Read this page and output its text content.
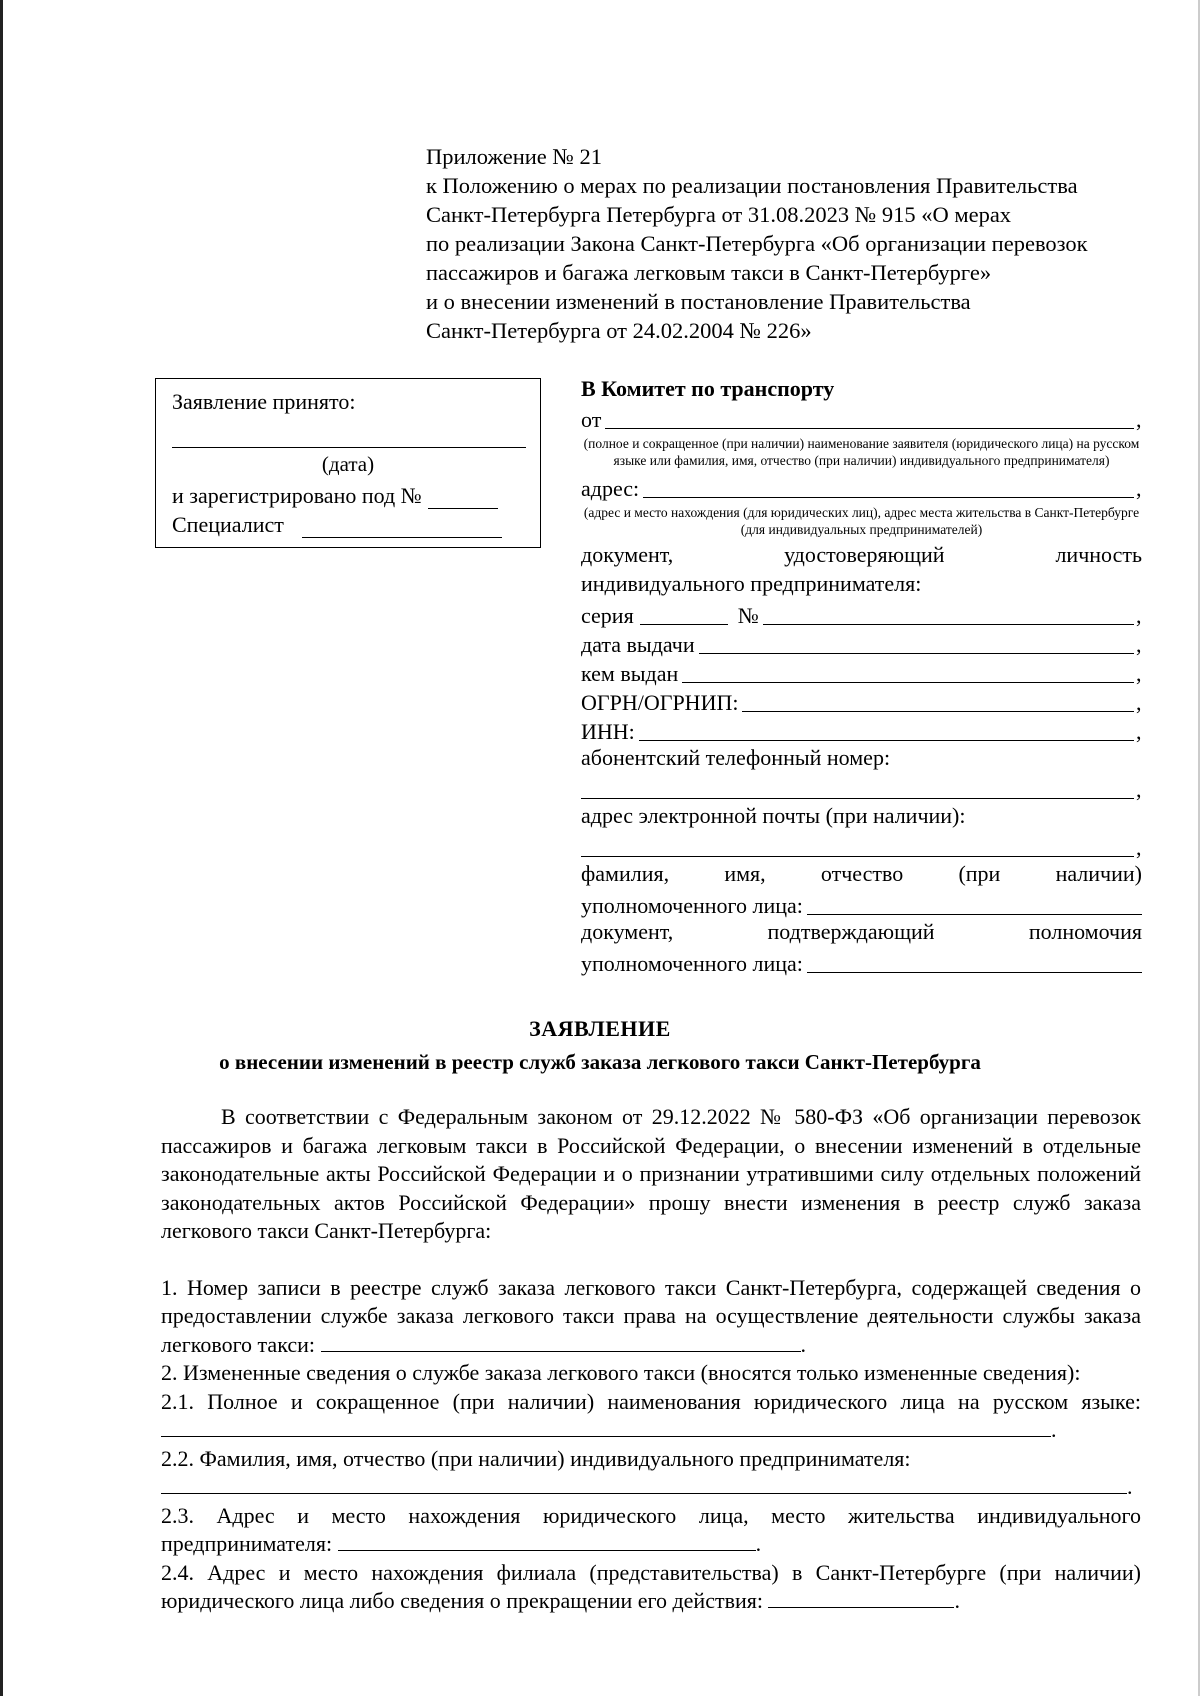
Приложение № 21
к Положению о мерах по реализации постановления Правительства
Санкт-Петербурга Петербурга от 31.08.2023 № 915 «О мерах
по реализации Закона Санкт-Петербурга «Об организации перевозок
пассажиров и багажа легковым такси в Санкт-Петербурге»
и о внесении изменений в постановление Правительства
Санкт-Петербурга от 24.02.2004 № 226»
Заявление принято:
(дата)
и зарегистрировано под №
Специалист
В Комитет по транспорту
от	,
(полное и сокращенное (при наличии) наименование заявителя (юридического лица) на русском языке или фамилия, имя, отчество (при наличии) индивидуального предпринимателя)
адрес:	,
(адрес и место нахождения (для юридических лиц), адрес места жительства в Санкт-Петербурге (для индивидуальных предпринимателей)
документ,	удостоверяющий	личность
индивидуального предпринимателя:
серия	№	,
дата выдачи	,
кем выдан	,
ОГРН/ОГРНИП:	,
ИНН:	,
абонентский телефонный номер:
,
адрес электронной почты (при наличии):
,
фамилия,	имя,	отчество	(при	наличии)
уполномоченного лица:
документ,	подтверждающий	полномочия
уполномоченного лица:
ЗАЯВЛЕНИЕ
о внесении изменений в реестр служб заказа легкового такси Санкт-Петербурга

В соответствии с Федеральным законом от 29.12.2022 № 580-ФЗ «Об организации перевозок пассажиров и багажа легковым такси в Российской Федерации, о внесении изменений в отдельные законодательные акты Российской Федерации и о признании утратившими силу отдельных положений законодательных актов Российской Федерации» прошу внести изменения в реестр служб заказа легкового такси Санкт-Петербурга:

1. Номер записи в реестре служб заказа легкового такси Санкт-Петербурга, содержащей сведения о предоставлении службе заказа легкового такси права на осуществление деятельности службы заказа легкового такси:	.

2. Измененные сведения о службе заказа легкового такси (вносятся только измененные сведения):

2.1. Полное и сокращенное (при наличии) наименования юридического лица на русском языке: .

2.2. Фамилия, имя, отчество (при наличии) индивидуального предпринимателя:

.

2.3. Адрес и место нахождения юридического лица, место жительства индивидуального предпринимателя:	.

2.4. Адрес и место нахождения филиала (представительства) в Санкт-Петербурге (при наличии) юридического лица либо сведения о прекращении его действия:	.
